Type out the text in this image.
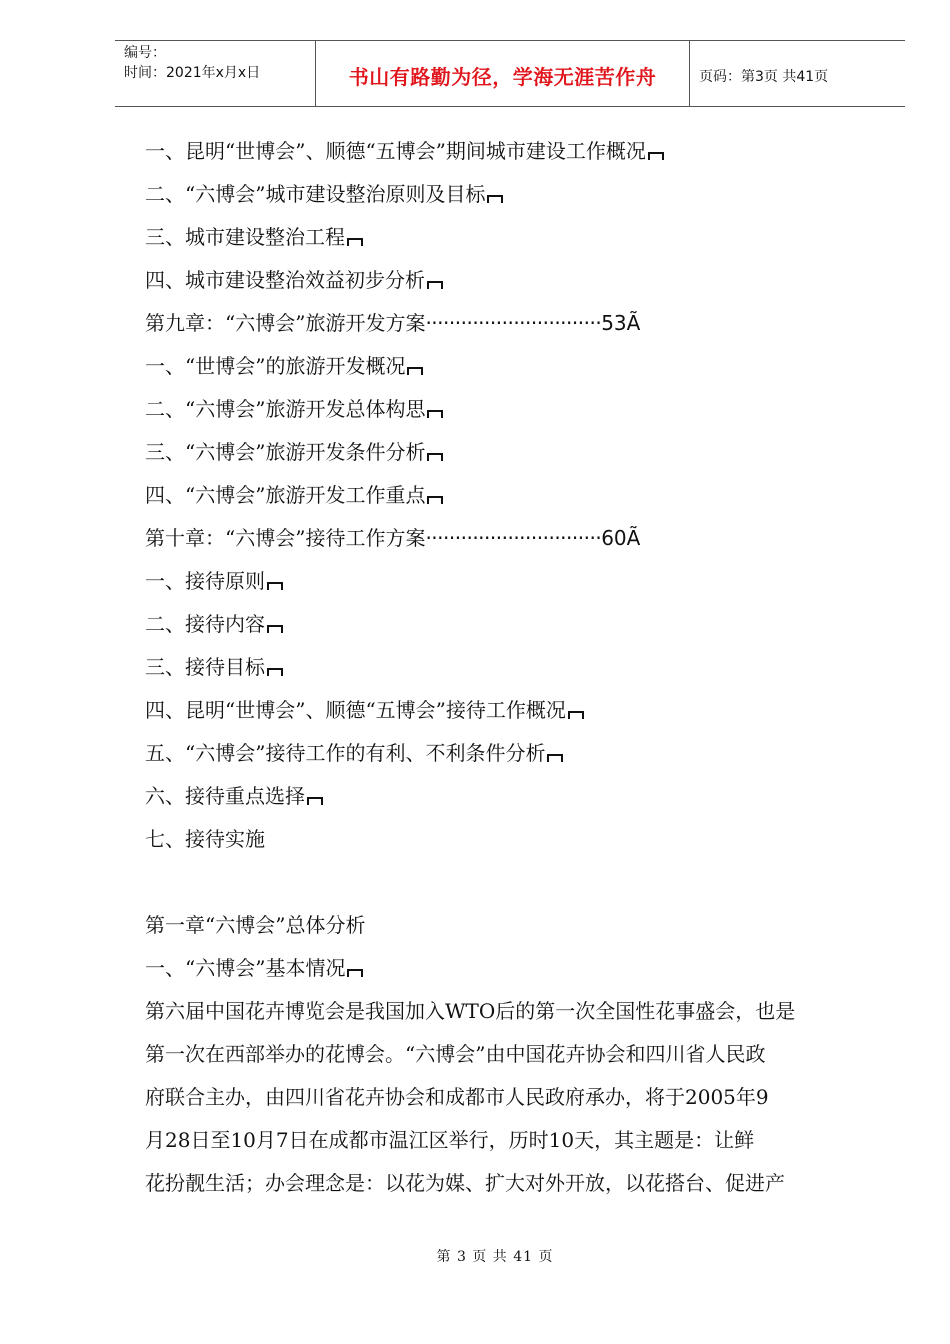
编号：
时间：2021年x月x日	书山有路勤为径，学海无涯苦作舟	页码：第3页 共41页
一、昆明“世博会”、顺德“五博会”期间城市建设工作概况
二、“六博会”城市建设整治原则及目标
三、城市建设整治工程
四、城市建设整治效益初步分析
第九章：“六博会”旅游开发方案······························53Ã
一、“世博会”的旅游开发概况
二、“六博会”旅游开发总体构思
三、“六博会”旅游开发条件分析
四、“六博会”旅游开发工作重点
第十章：“六博会”接待工作方案······························60Ã
一、接待原则
二、接待内容
三、接待目标
四、昆明“世博会”、顺德“五博会”接待工作概况
五、“六博会”接待工作的有利、不利条件分析
六、接待重点选择
七、接待实施
第一章“六博会”总体分析
一、“六博会”基本情况
第六届中国花卉博览会是我国加入WTO后的第一次全国性花事盛会，也是
第一次在西部举办的花博会。“六博会”由中国花卉协会和四川省人民政
府联合主办，由四川省花卉协会和成都市人民政府承办，将于2005年9
月28日至10月7日在成都市温江区举行，历时10天，其主题是：让鲜
花扮靓生活；办会理念是：以花为媒、扩大对外开放，以花搭台、促进产
第 3 页 共 41 页
